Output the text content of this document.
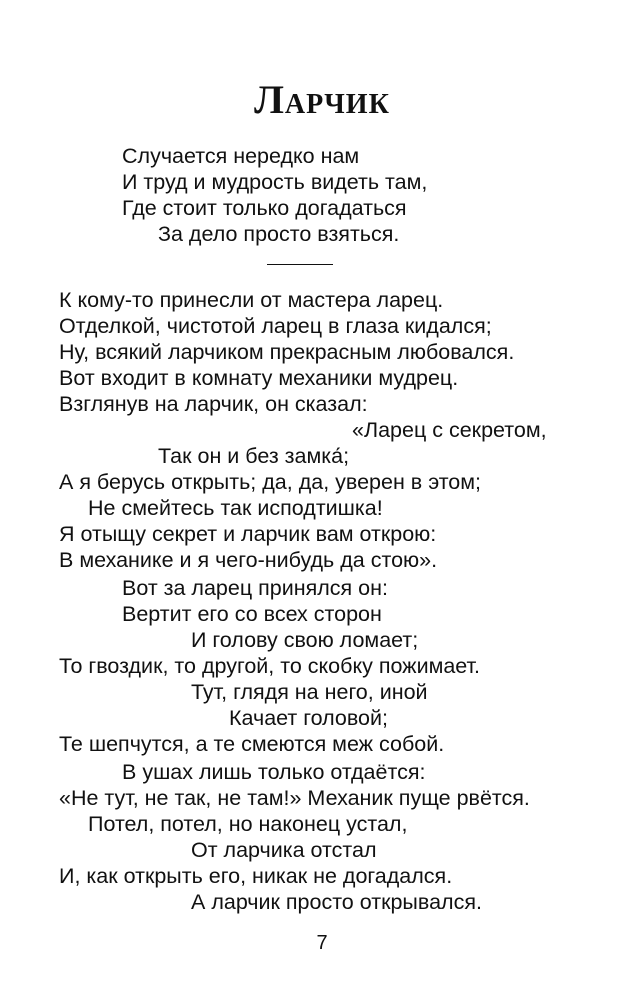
Ларчик
Случается нередко нам
И труд и мудрость видеть там,
Где стоит только догадаться
За дело просто взяться.
К кому-то принесли от мастера ларец.
Отделкой, чистотой ларец в глаза кидался;
Ну, всякий ларчиком прекрасным любовался.
Вот входит в комнату механики мудрец.
Взглянув на ларчик, он сказал:
«Ларец с секретом,
Так он и без замка́;
А я берусь открыть; да, да, уверен в этом;
Не смейтесь так исподтишка!
Я отыщу секрет и ларчик вам открою:
В механике и я чего-нибудь да стою».
Вот за ларец принялся он:
Вертит его со всех сторон
И голову свою ломает;
То гвоздик, то другой, то скобку пожимает.
Тут, глядя на него, иной
Качает головой;
Те шепчутся, а те смеются меж собой.
В ушах лишь только отдаётся:
«Не тут, не так, не там!» Механик пуще рвётся.
Потел, потел, но наконец устал,
От ларчика отстал
И, как открыть его, никак не догадался.
А ларчик просто открывался.
7
